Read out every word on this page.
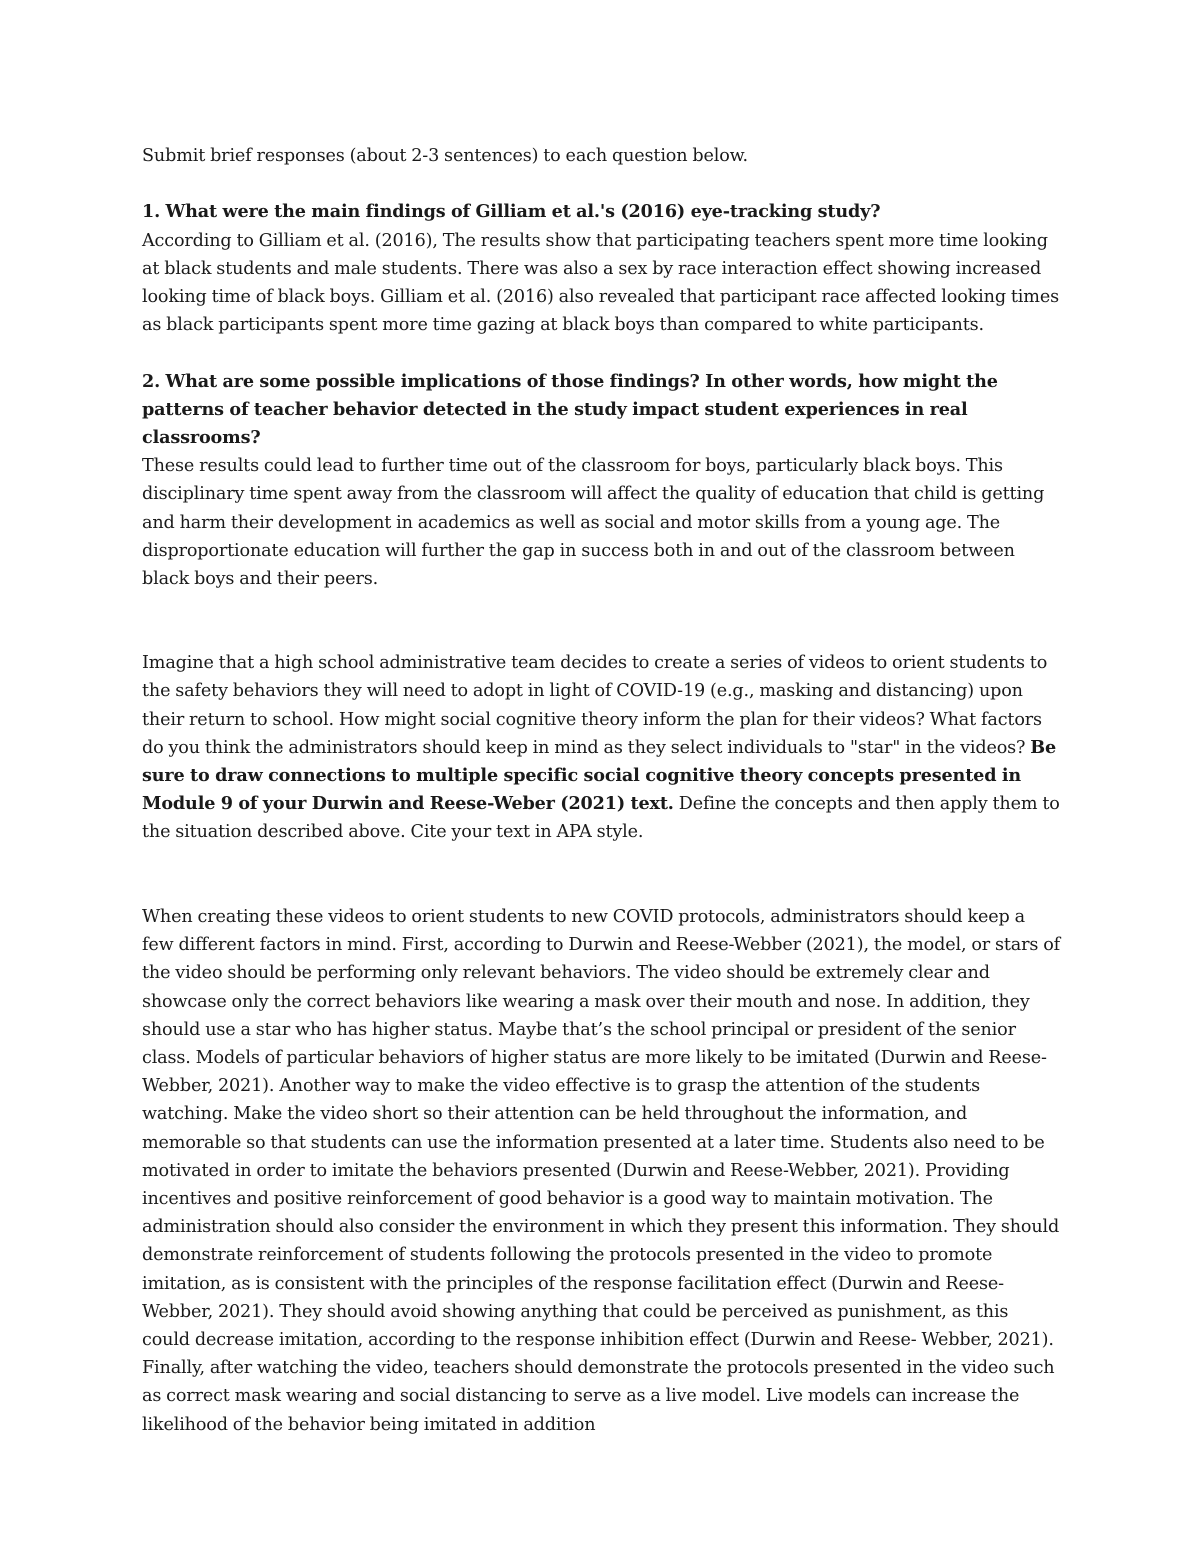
Submit brief responses (about 2-3 sentences) to each question below.

1. What were the main findings of Gilliam et al.'s (2016) eye-tracking study?

According to Gilliam et al. (2016), The results show that participating teachers spent more time looking at black students and male students. There was also a sex by race interaction effect showing increased looking time of black boys. Gilliam et al. (2016) also revealed that participant race affected looking times as black participants spent more time gazing at black boys than compared to white participants.

2. What are some possible implications of those findings? In other words, how might the patterns of teacher behavior detected in the study impact student experiences in real classrooms?

These results could lead to further time out of the classroom for boys, particularly black boys. This disciplinary time spent away from the classroom will affect the quality of education that child is getting and harm their development in academics as well as social and motor skills from a young age. The disproportionate education will further the gap in success both in and out of the classroom between black boys and their peers.

Imagine that a high school administrative team decides to create a series of videos to orient students to the safety behaviors they will need to adopt in light of COVID-19 (e.g., masking and distancing) upon their return to school. How might social cognitive theory inform the plan for their videos? What factors do you think the administrators should keep in mind as they select individuals to "star" in the videos? Be sure to draw connections to multiple specific social cognitive theory concepts presented in Module 9 of your Durwin and Reese-Weber (2021) text. Define the concepts and then apply them to the situation described above. Cite your text in APA style.

When creating these videos to orient students to new COVID protocols, administrators should keep a few different factors in mind. First, according to Durwin and Reese-Webber (2021), the model, or stars of the video should be performing only relevant behaviors. The video should be extremely clear and showcase only the correct behaviors like wearing a mask over their mouth and nose. In addition, they should use a star who has higher status. Maybe that’s the school principal or president of the senior class. Models of particular behaviors of higher status are more likely to be imitated (Durwin and Reese-Webber, 2021). Another way to make the video effective is to grasp the attention of the students watching. Make the video short so their attention can be held throughout the information, and memorable so that students can use the information presented at a later time. Students also need to be motivated in order to imitate the behaviors presented (Durwin and Reese-Webber, 2021). Providing incentives and positive reinforcement of good behavior is a good way to maintain motivation. The administration should also consider the environment in which they present this information. They should demonstrate reinforcement of students following the protocols presented in the video to promote imitation, as is consistent with the principles of the response facilitation effect (Durwin and Reese-Webber, 2021). They should avoid showing anything that could be perceived as punishment, as this could decrease imitation, according to the response inhibition effect (Durwin and Reese- Webber, 2021). Finally, after watching the video, teachers should demonstrate the protocols presented in the video such as correct mask wearing and social distancing to serve as a live model. Live models can increase the likelihood of the behavior being imitated in addition
